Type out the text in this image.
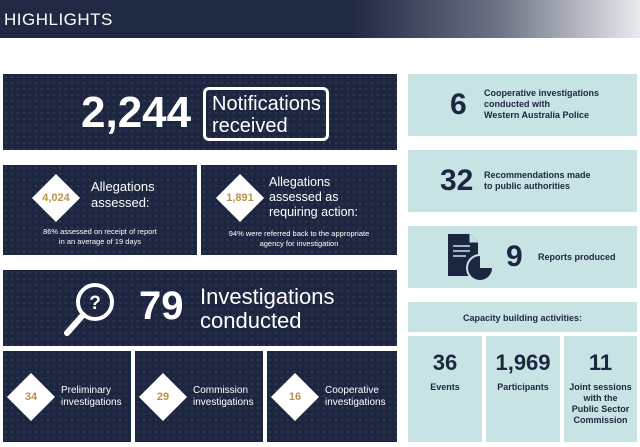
HIGHLIGHTS
2,244 Notifications
received
4,024
Allegations
assessed:
86% assessed on receipt of report
in an average of 19 days
1,891
Allegations
assessed as
requiring action:
94% were referred back to the appropriate
agency for investigation
? 79 Investigations
conducted
34
Preliminary
investigations	29
Commission
investigations	16
Cooperative
investigations
6 Cooperative investigations
conducted with
Western Australia Police
32 Recommendations made
to public authorities
9 Reports produced
Capacity building activities:
36
Events
1,969
Participants
11
Joint sessions
with the
Public Sector
Commission
